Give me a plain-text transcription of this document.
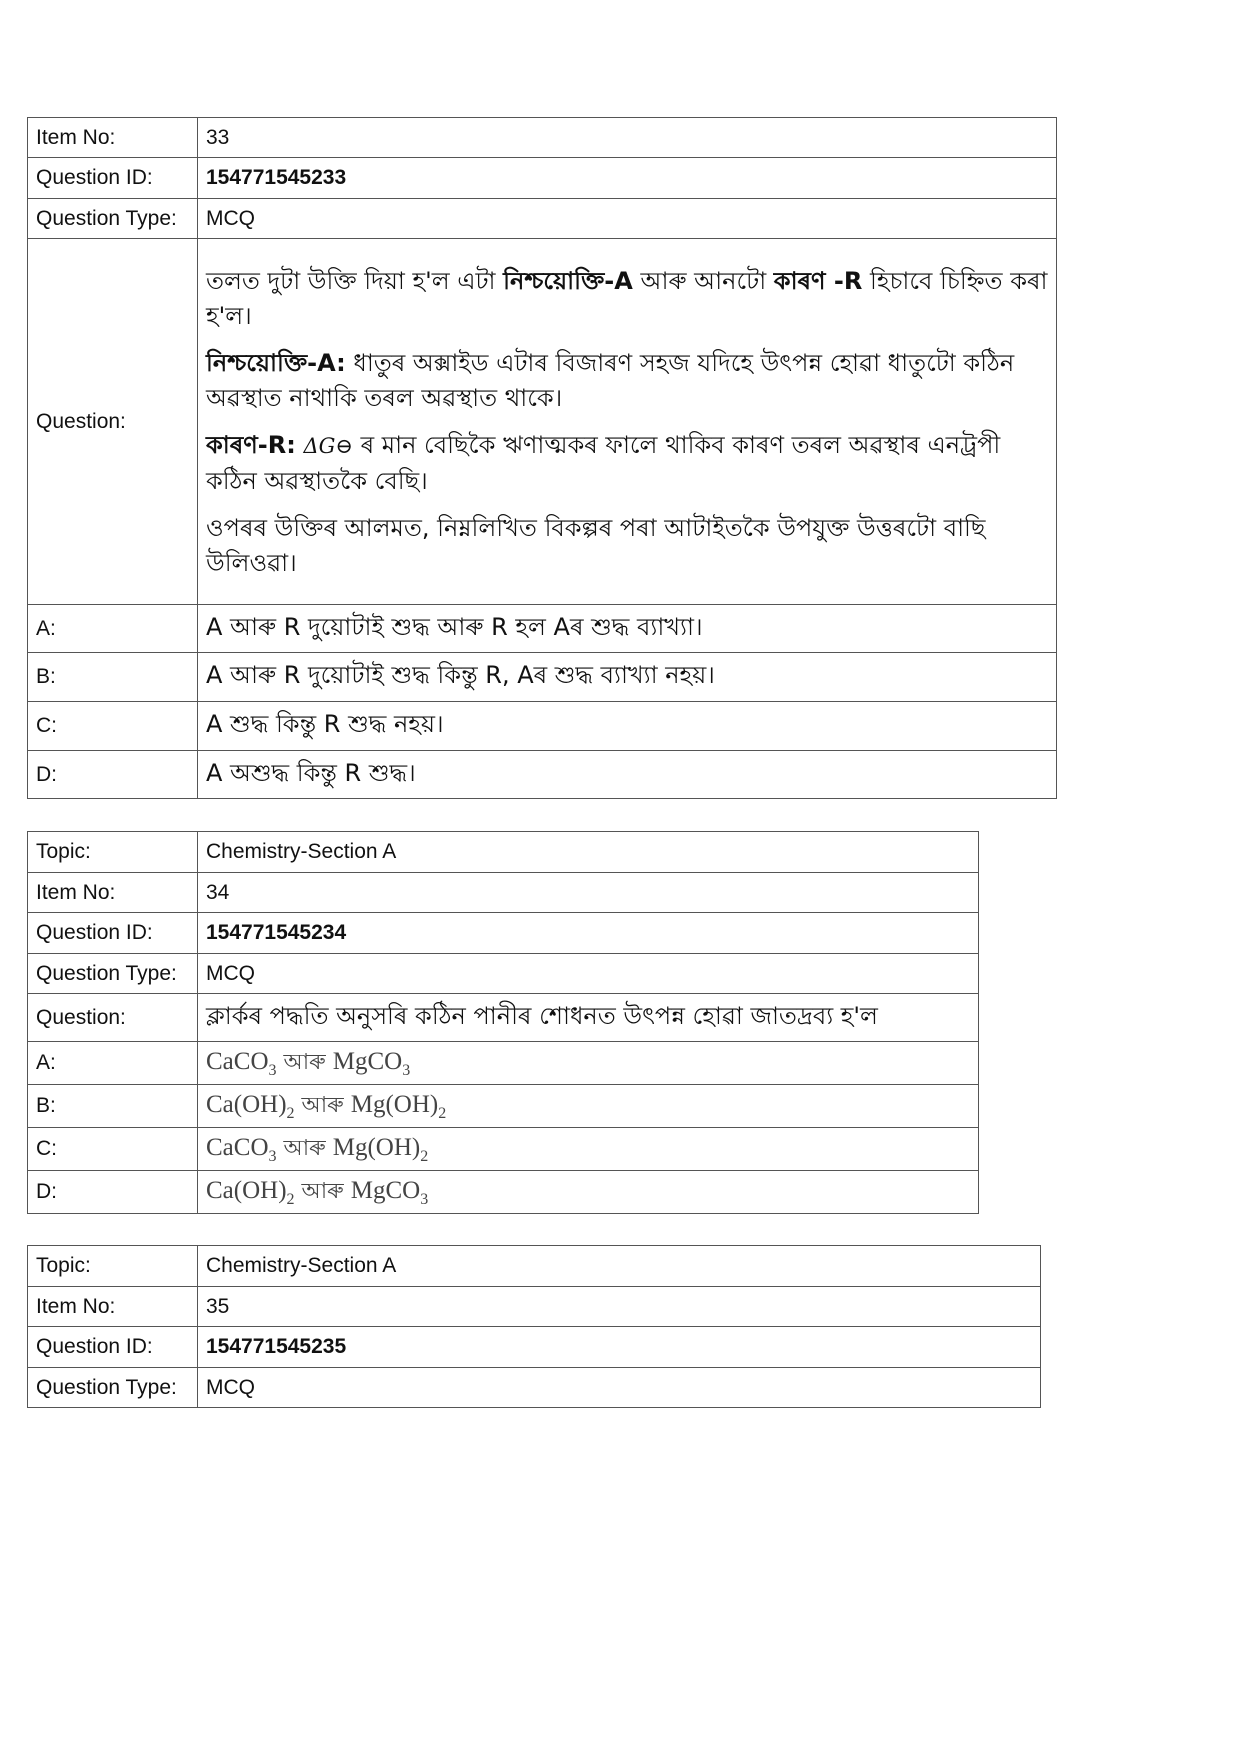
Item No:	33
Question ID:	154771545233
Question Type:	MCQ
Question:	তলত দুটা উক্তি দিয়া হ'ল এটা নিশ্চয়োক্তি-A আৰু আনটো কাৰণ -R হিচাবে চিহ্নিত কৰা হ'ল।

নিশ্চয়োক্তি-A: ধাতুৰ অক্সাইড এটাৰ বিজাৰণ সহজ যদিহে উৎপন্ন হোৱা ধাতুটো কঠিন অৱস্থাত নাথাকি তৰল অৱস্থাত থাকে।

কাৰণ-R: ΔG⊖ ৰ মান বেছিকৈ ঋণাত্মকৰ ফালে থাকিব কাৰণ তৰল অৱস্থাৰ এনট্ৰপী কঠিন অৱস্থাতকৈ বেছি।

ওপৰৰ উক্তিৰ আলমত, নিম্নলিখিত বিকল্পৰ পৰা আটাইতকৈ উপযুক্ত উত্তৰটো বাছি উলিওৱা।

A:	A আৰু R দুয়োটাই শুদ্ধ আৰু R হল Aৰ শুদ্ধ ব্যাখ্যা।
B:	A আৰু R দুয়োটাই শুদ্ধ কিন্তু R, Aৰ শুদ্ধ ব্যাখ্যা নহয়।
C:	A শুদ্ধ কিন্তু R শুদ্ধ নহয়।
D:	A অশুদ্ধ কিন্তু R শুদ্ধ।
Topic:	Chemistry-Section A
Item No:	34
Question ID:	154771545234
Question Type:	MCQ
Question:	ক্লাৰ্কৰ পদ্ধতি অনুসৰি কঠিন পানীৰ শোধনত উৎপন্ন হোৱা জাতদ্ৰব্য হ'ল
A:	CaCO$_3$ আৰু MgCO$_3$
B:	$Ca(OH)_2$ আৰু $Mg(OH)_2$
C:	CaCO$_3$ আৰু $Mg(OH)_2$
D:	$Ca(OH)_2$ আৰু MgCO$_3$
Topic:	Chemistry-Section A
Item No:	35
Question ID:	154771545235
Question Type:	MCQ
